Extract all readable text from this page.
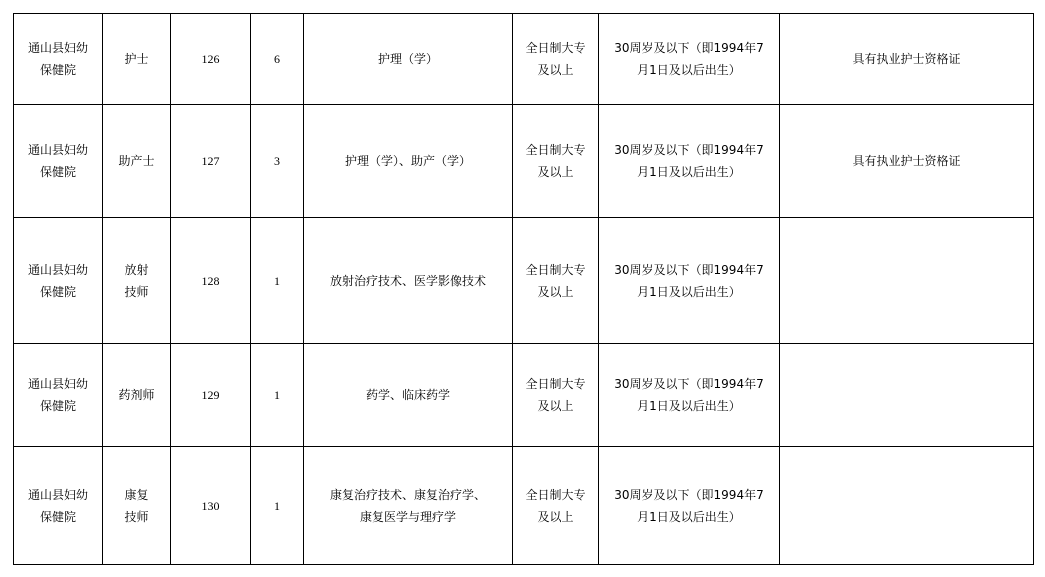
通山县妇幼
保健院	护士	126	6	护理（学）	全日制大专
及以上	30周岁及以下（即1994年7
月1日及以后出生）	具有执业护士资格证

通山县妇幼
保健院	助产士	127	3	护理（学）、助产（学）	全日制大专
及以上	30周岁及以下（即1994年7
月1日及以后出生）	具有执业护士资格证

通山县妇幼
保健院	放射
技师	128	1	放射治疗技术、医学影像技术	全日制大专
及以上	30周岁及以下（即1994年7
月1日及以后出生）	

通山县妇幼
保健院	药剂师	129	1	药学、临床药学	全日制大专
及以上	30周岁及以下（即1994年7
月1日及以后出生）	

通山县妇幼
保健院	康复
技师	130	1	康复治疗技术、康复治疗学、
康复医学与理疗学	全日制大专
及以上	30周岁及以下（即1994年7
月1日及以后出生）	
